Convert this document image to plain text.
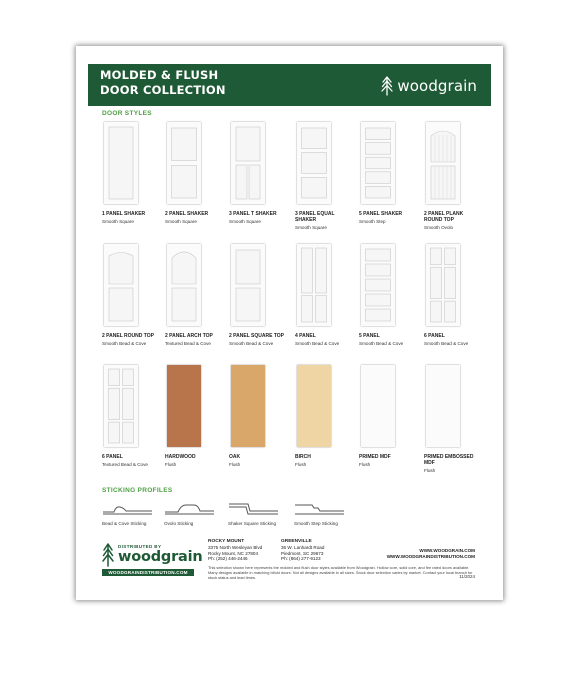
MOLDED & FLUSH
DOOR COLLECTION	woodgrain
DOOR STYLES
1 PANEL SHAKER
Smooth Square
2 PANEL SHAKER
Smooth Square
3 PANEL T SHAKER
Smooth Square
3 PANEL EQUAL SHAKER
Smooth Square
5 PANEL SHAKER
Smooth Step
2 PANEL PLANK ROUND TOP
Smooth Ovolo
2 PANEL ROUND TOP
Smooth Bead & Cove
2 PANEL ARCH TOP
Textured Bead & Cove
2 PANEL SQUARE TOP
Smooth Bead & Cove
4 PANEL
Smooth Bead & Cove
5 PANEL
Smooth Bead & Cove
6 PANEL
Smooth Bead & Cove
6 PANEL
Textured Bead & Cove
HARDWOOD
Flush
OAK
Flush
BIRCH
Flush
PRIMED MDF
Flush
PRIMED EMBOSSED MDF
Flush
STICKING PROFILES
Bead & Cove Sticking	Ovolo Sticking	Shaker Square Sticking	Smooth Step Sticking
DISTRIBUTED BY
woodgrain
WOODGRAINDISTRIBUTION.COM
ROCKY MOUNT
3375 North Wesleyan Blvd
Rocky Mount, NC 27804
Ph: (252) 446-2446
GREENVILLE
36 W. Lanhardt Road
Piedmont, SC 29673
Ph: (864) 277-9123
WWW.WOODGRAIN.COM
WWW.WOODGRAINDISTRIBUTION.COM
This selection shown here represents the molded and flush door styles available from Woodgrain. Hollow core, solid core, and fire rated doors available. Many designs available in matching bifold doors. Not all designs available in all sizes. Stock door selection varies by market. Contact your local branch for stock status and lead times.	11/2024
